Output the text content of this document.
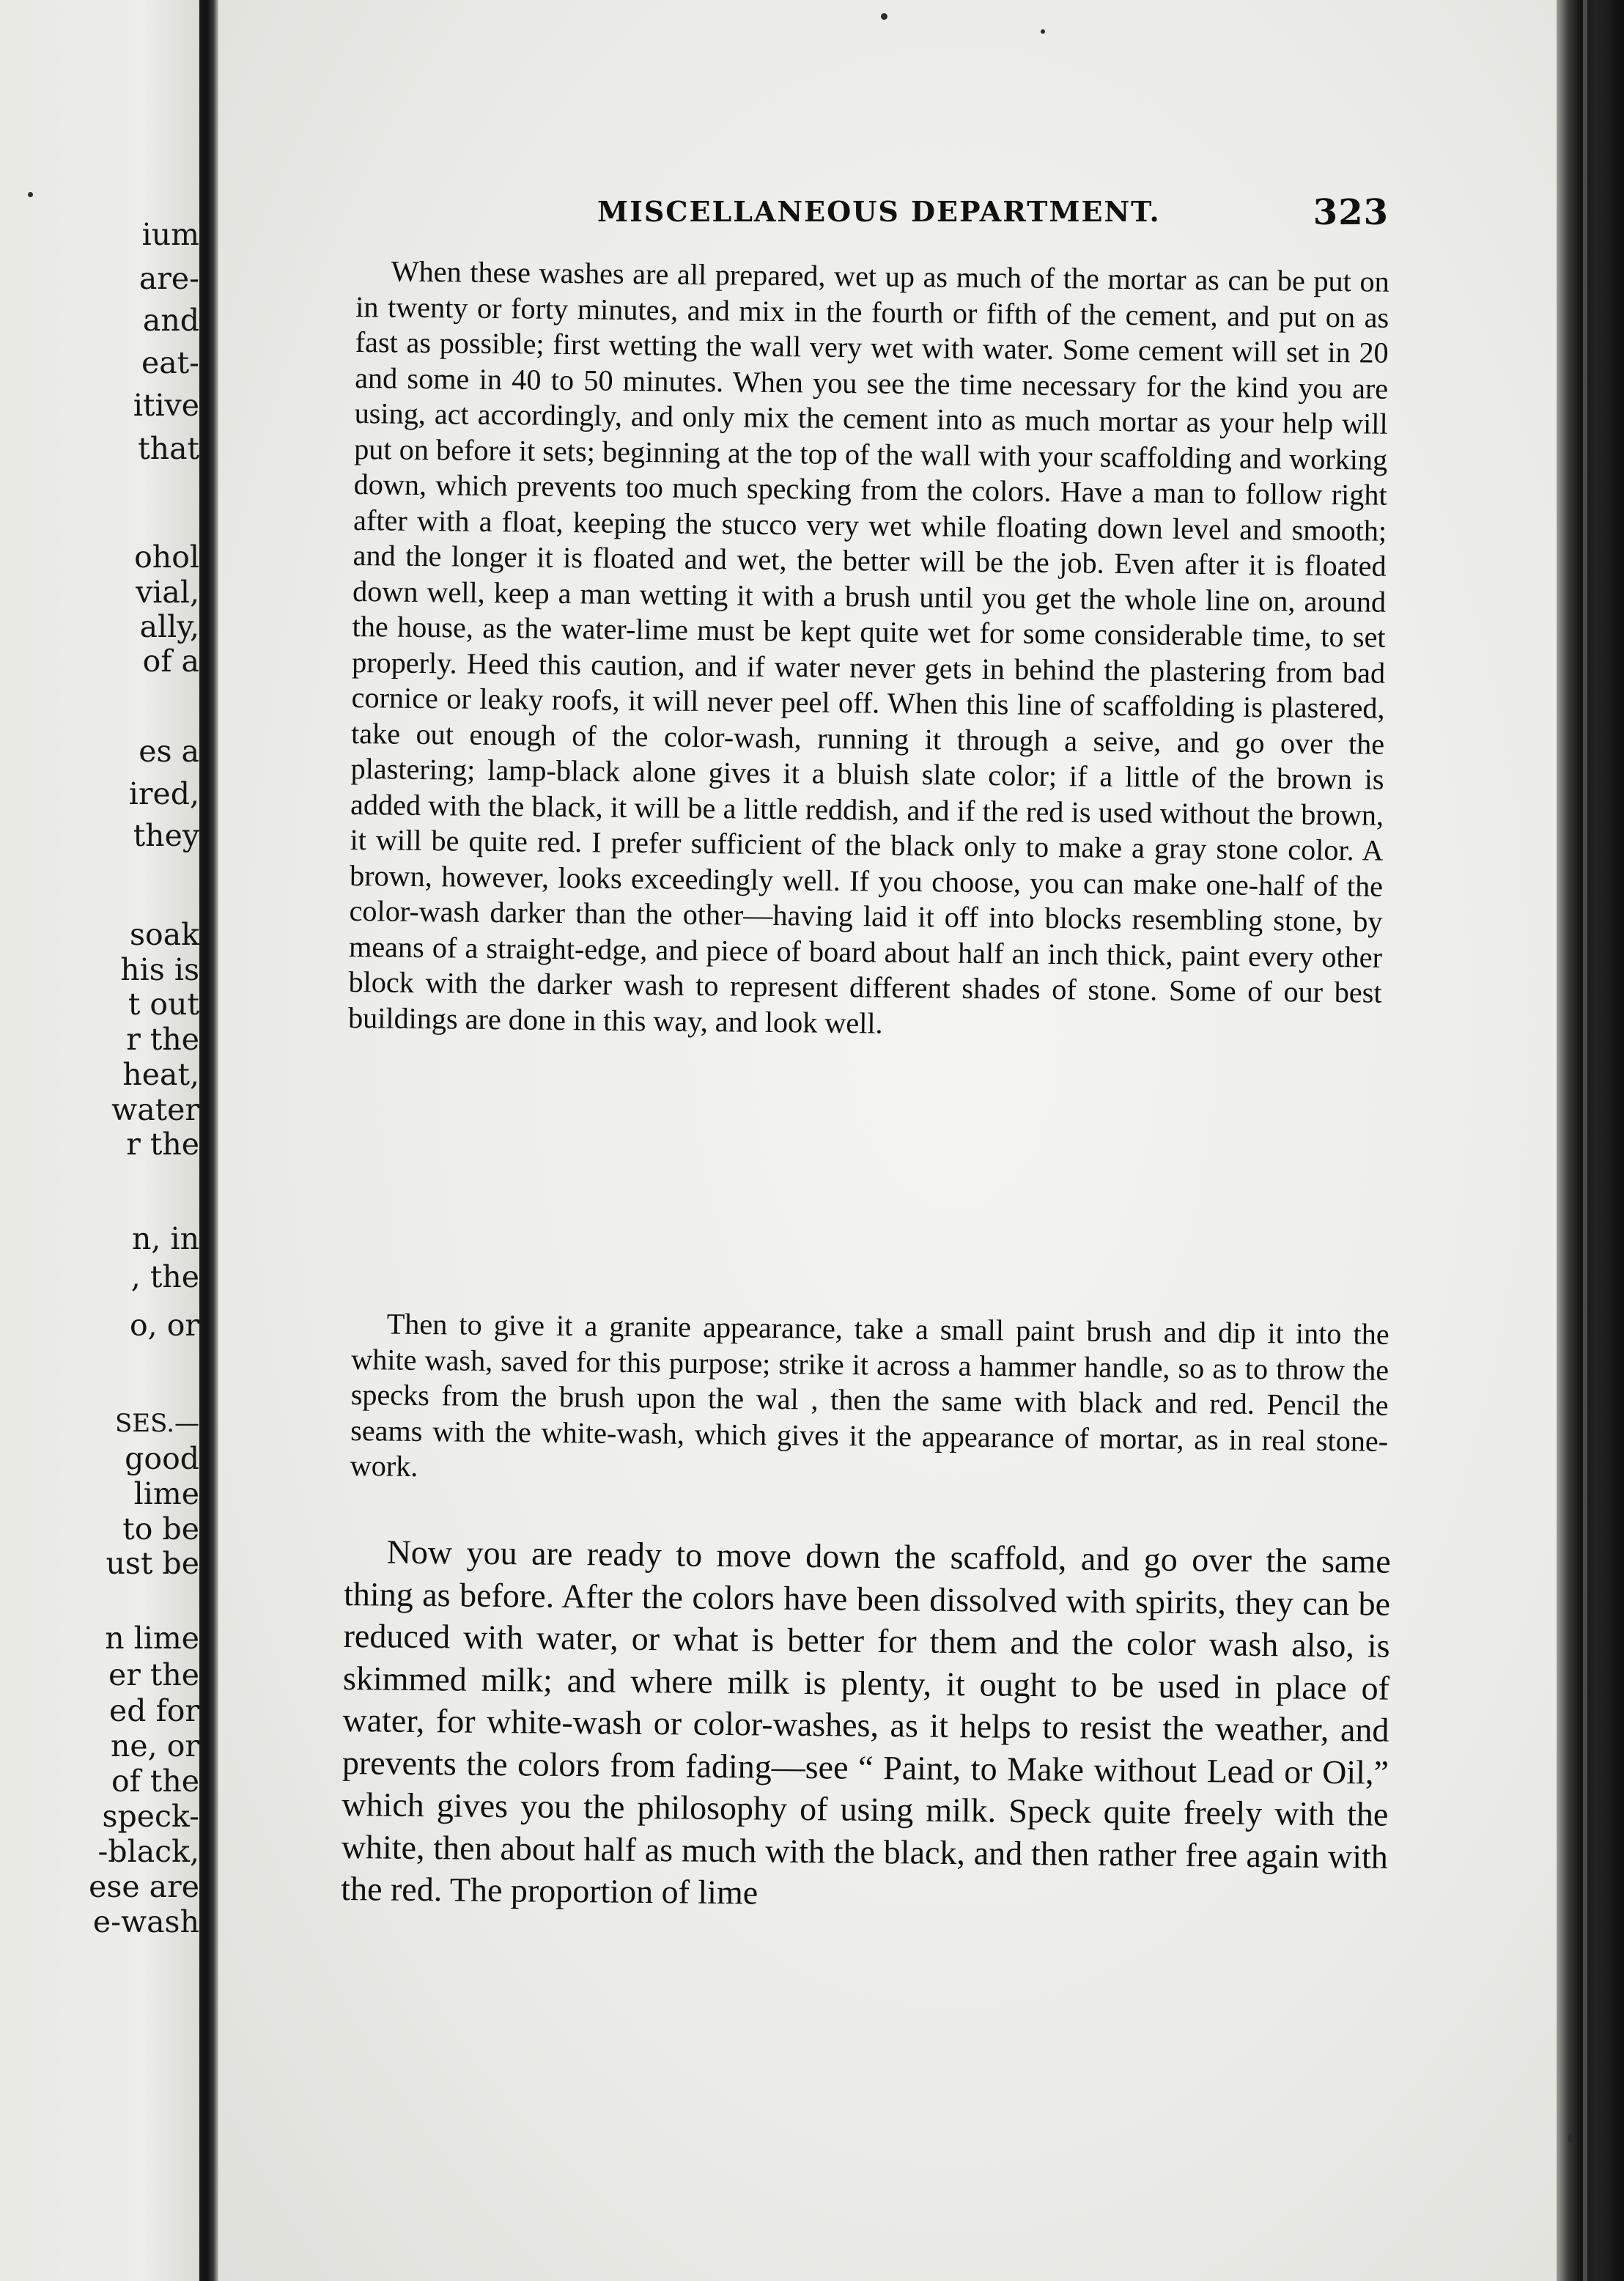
ium
are-
and
eat-
itive
that
ohol
vial,
ally,
of a
es a
ired,
they
soak
his is
t out
r the
heat,
water
r the
n, in
, the
o, or
SES.—
good
lime
to be
ust be
n lime
er the
ed for
ne, or
of the
speck-
-black,
ese are
e-wash
MISCELLANEOUS DEPARTMENT.	323

When these washes are all prepared, wet up as much of the mortar as can be put on in twenty or forty minutes, and mix in the fourth or fifth of the cement, and put on as fast as possible; first wetting the wall very wet with water. Some cement will set in 20 and some in 40 to 50 minutes. When you see the time necessary for the kind you are using, act accordingly, and only mix the cement into as much mortar as your help will put on before it sets; beginning at the top of the wall with your scaffolding and working down, which prevents too much specking from the colors. Have a man to follow right after with a float, keeping the stucco very wet while floating down level and smooth; and the longer it is floated and wet, the better will be the job. Even after it is floated down well, keep a man wetting it with a brush until you get the whole line on, around the house, as the water-lime must be kept quite wet for some considerable time, to set properly. Heed this caution, and if water never gets in behind the plastering from bad cornice or leaky roofs, it will never peel off. When this line of scaffolding is plastered, take out enough of the color-wash, running it through a seive, and go over the plastering; lamp-black alone gives it a bluish slate color; if a little of the brown is added with the black, it will be a little reddish, and if the red is used without the brown, it will be quite red. I prefer sufficient of the black only to make a gray stone color. A brown, however, looks exceedingly well. If you choose, you can make one-half of the color-wash darker than the other—having laid it off into blocks resembling stone, by means of a straight-edge, and piece of board about half an inch thick, paint every other block with the darker wash to represent different shades of stone. Some of our best buildings are done in this way, and look well.

Then to give it a granite appearance, take a small paint brush and dip it into the white wash, saved for this purpose; strike it across a hammer handle, so as to throw the specks from the brush upon the wal , then the same with black and red. Pencil the seams with the white-wash, which gives it the appearance of mortar, as in real stone-work.

Now you are ready to move down the scaffold, and go over the same thing as before. After the colors have been dissolved with spirits, they can be reduced with water, or what is better for them and the color wash also, is skimmed milk; and where milk is plenty, it ought to be used in place of water, for white-wash or color-washes, as it helps to resist the weather, and prevents the colors from fading—see “ Paint, to Make without Lead or Oil,” which gives you the philosophy of using milk. Speck quite freely with the white, then about half as much with the black, and then rather free again with the red. The proportion of lime
